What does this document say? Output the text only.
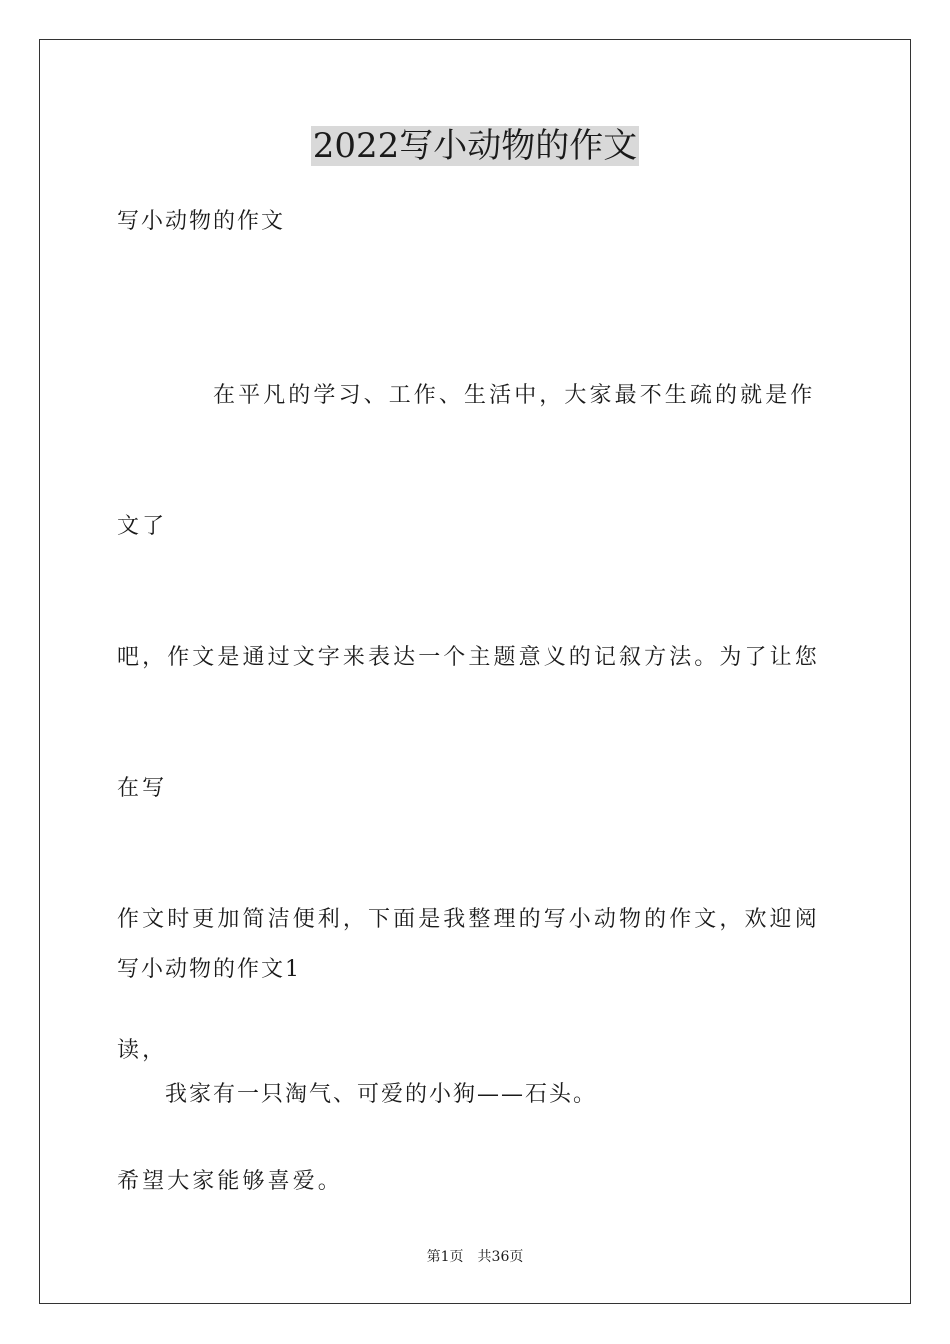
2022写小动物的作文

写小动物的作文

在平凡的学习、工作、生活中，大家最不生疏的就是作文了
吧，作文是通过文字来表达一个主题意义的记叙方法。为了让您在写
作文时更加简洁便利，下面是我整理的写小动物的作文，欢迎阅读，
希望大家能够喜爱。

写小动物的作文1

我家有一只淘气、可爱的小狗——石头。

第1页 共36页
